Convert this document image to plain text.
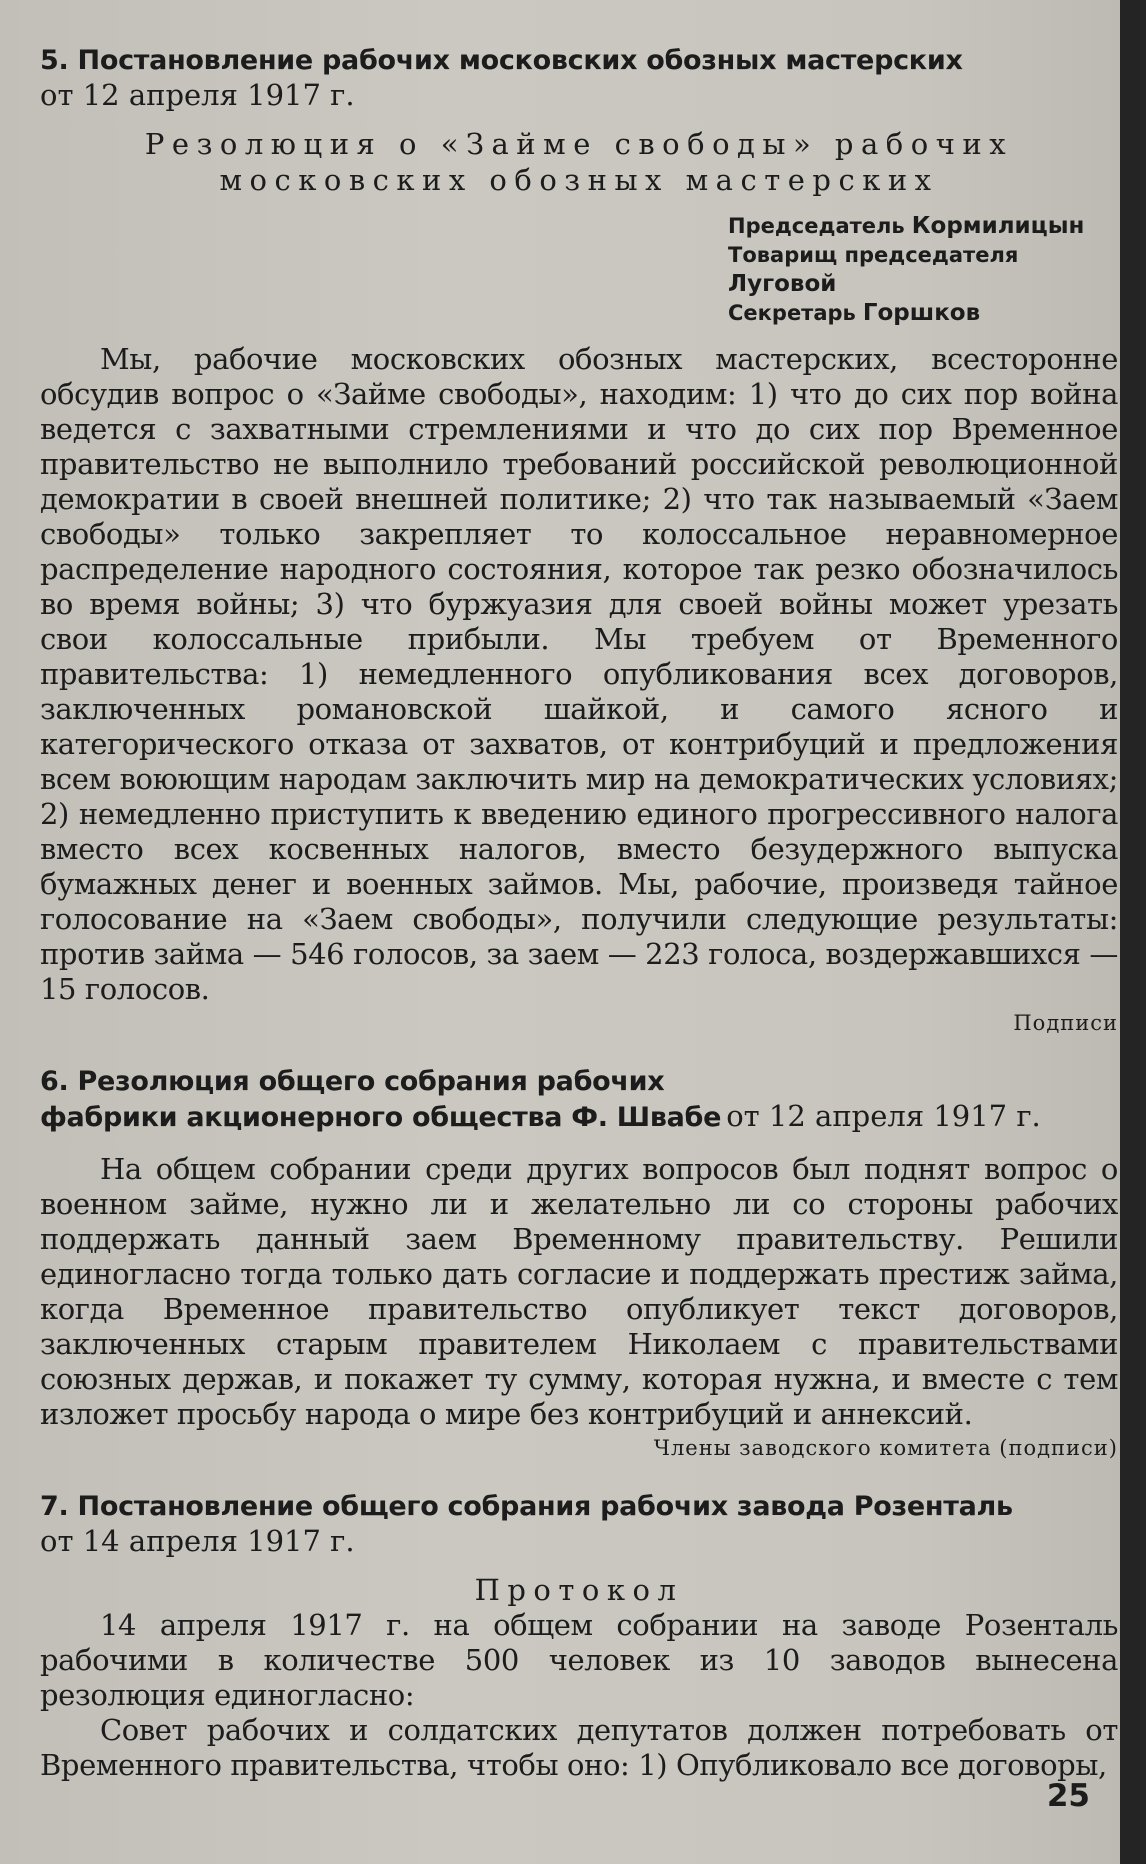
5. Постановление рабочих московских обозных мастерских
от 12 апреля 1917 г.
Резолюция о «Займе свободы» рабочих
московских обозных мастерских
Председатель Кормилицын
Товарищ председателя Луговой
Секретарь Горшков

Мы, рабочие московских обозных мастерских, всесторонне обсудив вопрос о «Займе свободы», находим: 1) что до сих пор война ведется с захватными стремлениями и что до сих пор Временное правительство не выполнило требований российской революционной демократии в своей внешней политике; 2) что так называемый «Заем свободы» только закрепляет то колоссальное неравномерное распределение народного состояния, которое так резко обозначилось во время войны; 3) что буржуазия для своей войны может урезать свои колоссальные прибыли. Мы требуем от Временного правительства: 1) немедленного опубликования всех договоров, заключенных романовской шайкой, и самого ясного и категорического отказа от захватов, от контрибуций и предложения всем воюющим народам заключить мир на демократических условиях; 2) немедленно приступить к введению единого прогрессивного налога вместо всех косвенных налогов, вместо безудержного выпуска бумажных денег и военных займов. Мы, рабочие, произведя тайное голосование на «Заем свободы», получили следующие результаты: против займа — 546 голосов, за заем — 223 голоса, воздержавшихся — 15 голосов.

Подписи
6. Резолюция общего собрания рабочих
фабрики акционерного общества Ф. Швабе от 12 апреля 1917 г.

На общем собрании среди других вопросов был поднят вопрос о военном займе, нужно ли и желательно ли со стороны рабочих поддержать данный заем Временному правительству. Решили единогласно тогда только дать согласие и поддержать престиж займа, когда Временное правительство опубликует текст договоров, заключенных старым правителем Николаем с правительствами союзных держав, и покажет ту сумму, которая нужна, и вместе с тем изложет просьбу народа о мире без контрибуций и аннексий.

Члены заводского комитета (подписи)
7. Постановление общего собрания рабочих завода Розенталь
от 14 апреля 1917 г.
Протокол

14 апреля 1917 г. на общем собрании на заводе Розенталь рабочими в количестве 500 человек из 10 заводов вынесена резолюция единогласно:

Совет рабочих и солдатских депутатов должен потребовать от Временного правительства, чтобы оно: 1) Опубликовало все договоры,

25
